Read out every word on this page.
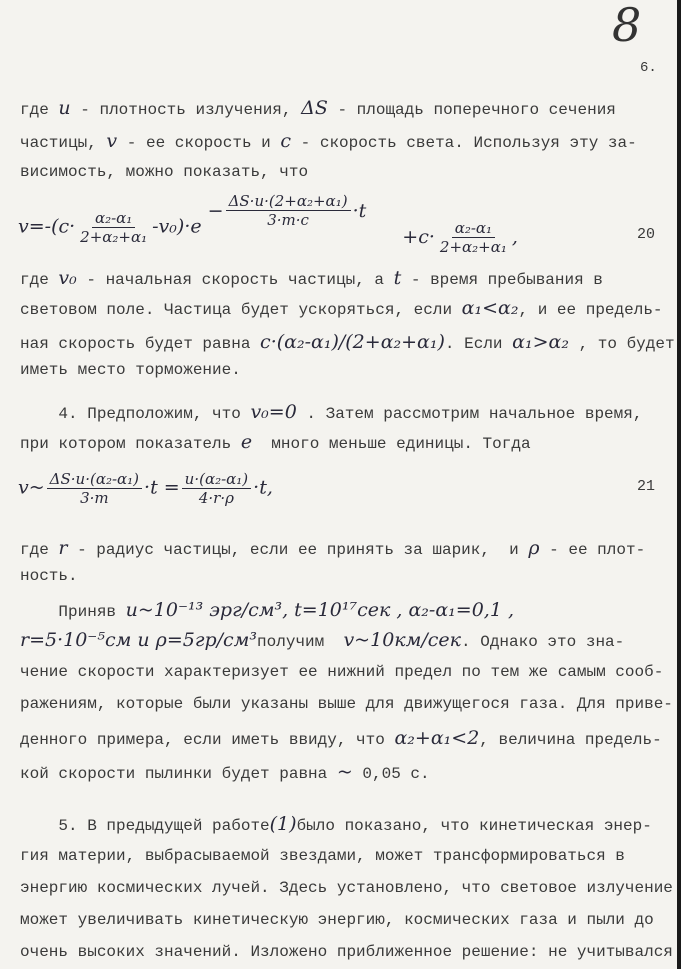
8
6.
где u - плотность излучения, ΔS - площадь поперечного сечения
частицы, v - ее скорость и c - скорость света. Используя эту за-
висимость, можно показать, что
где v₀ - начальная скорость частицы, а t - время пребывания в
световом поле. Частица будет ускоряться, если α₁<α₂, и ее предель-
ная скорость будет равна c·(α₂-α₁)/(2+α₂+α₁). Если α₁>α₂ , то будет
иметь место торможение.
4. Предположим, что v₀=0 . Затем рассмотрим начальное время,
при котором показатель e  много меньше единицы. Тогда
где r - радиус частицы, если ее принять за шарик,  и ρ - ее плот-
ность.
Приняв u~10⁻¹³ эрг/см³, t=10¹⁷сек , α₂-α₁=0,1 ,
r=5·10⁻⁵см и ρ=5гр/см³получим  v~10км/сек. Однако это зна-
чение скорости характеризует ее нижний предел по тем же самым сооб-
ражениям, которые были указаны выше для движущегося газа. Для приве-
денного примера, если иметь ввиду, что α₂+α₁<2, величина предель-
кой скорости пылинки будет равна ~ 0,05 с.
5. В предыдущей работе(1)было показано, что кинетическая энер-
гия материи, выбрасываемой звездами, может трансформироваться в
энергию космических лучей. Здесь установлено, что световое излучение
может увеличивать кинетическую энергию, космических газа и пыли до
очень высоких значений. Изложено приближенное решение: не учитывался
$v=-(c\cdot \frac{\text{α₂-α₁}}{\text{2+α₂+α₁}} -v_0)\cdot e$
− $\frac{\text{ΔS·u·(2+α₂+α₁)}}{3\cdot m\cdot c} \cdot t$
$+c\cdot \frac{\text{α₂-α₁}}{\text{2+α₂+α₁}}$ ,	20
v~ $\frac{\text{ΔS·u·(α₂-α₁)}}{3\cdot m} \cdot t = \frac{\text{u·(α₂-α₁)}}{4\cdot r\cdot\rho} \cdot t$,	21
